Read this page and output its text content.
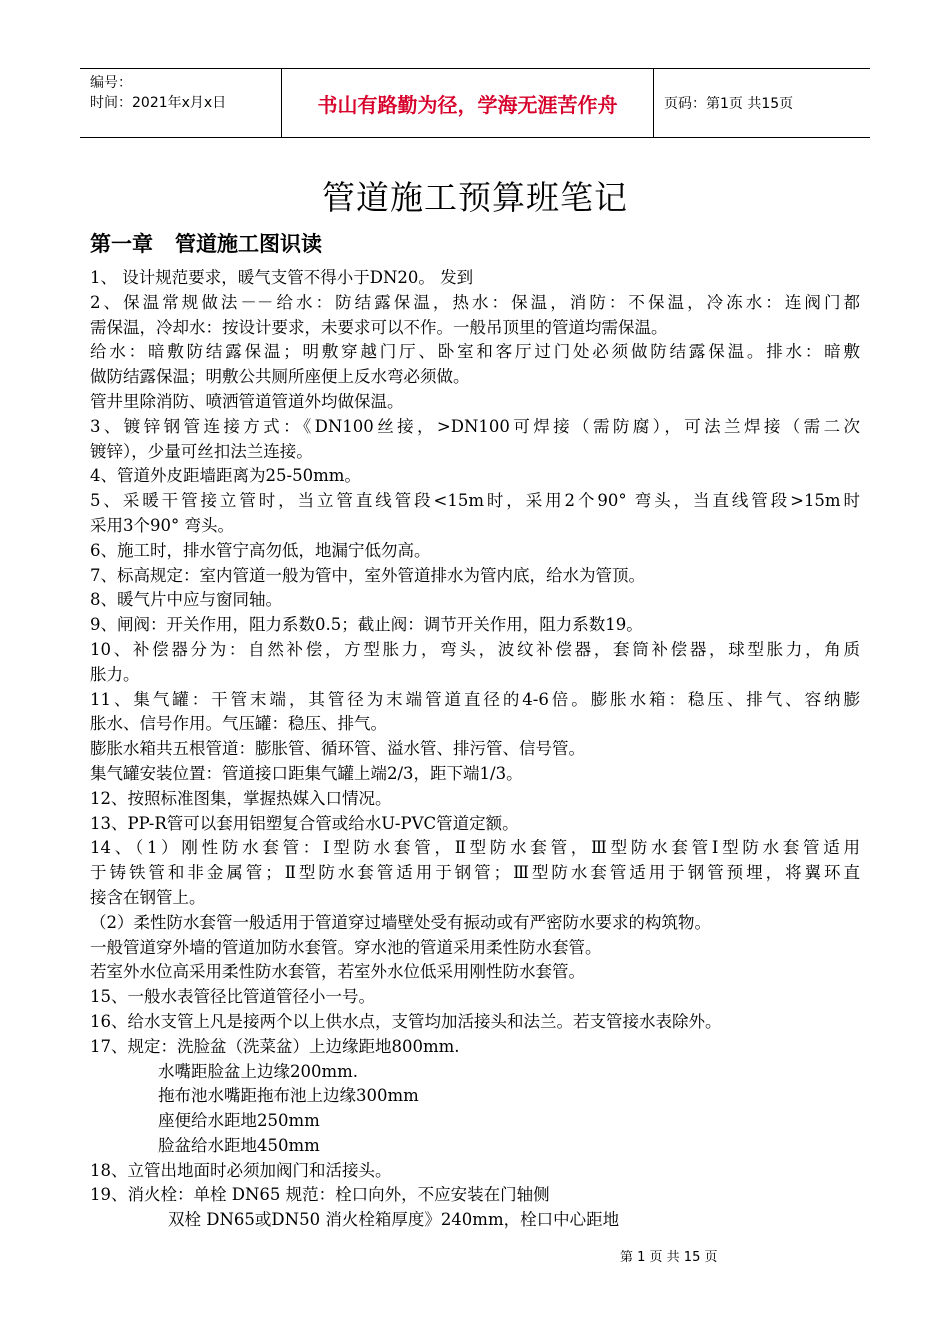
编号：
时间：2021年x月x日	书山有路勤为径，学海无涯苦作舟	页码：第1页 共15页
管道施工预算班笔记
第一章 管道施工图识读
1、 设计规范要求，暖气支管不得小于DN20。 发到
2、保温常规做法－－给水：防结露保温，热水：保温，消防：不保温，冷冻水：连阀门都
需保温，冷却水：按设计要求，未要求可以不作。一般吊顶里的管道均需保温。
给水：暗敷防结露保温；明敷穿越门厅、卧室和客厅过门处必须做防结露保温。排水：暗敷
做防结露保温；明敷公共厕所座便上反水弯必须做。
管井里除消防、喷洒管道管道外均做保温。
3、镀锌钢管连接方式：《DN100丝接，>DN100可焊接（需防腐），可法兰焊接（需二次
镀锌），少量可丝扣法兰连接。
4、管道外皮距墙距离为25-50mm。
5、采暖干管接立管时，当立管直线管段<15m时，采用2个90° 弯头，当直线管段>15m时
采用3个90° 弯头。
6、施工时，排水管宁高勿低，地漏宁低勿高。
7、标高规定：室内管道一般为管中，室外管道排水为管内底，给水为管顶。
8、暖气片中应与窗同轴。
9、闸阀：开关作用，阻力系数0.5；截止阀：调节开关作用，阻力系数19。
10、补偿器分为：自然补偿，方型胀力，弯头，波纹补偿器，套筒补偿器，球型胀力，角质
胀力。
11、集气罐：干管末端，其管径为末端管道直径的4-6倍。膨胀水箱：稳压、排气、容纳膨
胀水、信号作用。气压罐：稳压、排气。
膨胀水箱共五根管道：膨胀管、循环管、溢水管、排污管、信号管。
集气罐安装位置：管道接口距集气罐上端2/3，距下端1/3。
12、按照标准图集，掌握热媒入口情况。
13、PP-R管可以套用铝塑复合管或给水U-PVC管道定额。
14、（1）刚性防水套管：Ⅰ型防水套管，Ⅱ型防水套管，Ⅲ型防水套管Ⅰ型防水套管适用
于铸铁管和非金属管；Ⅱ型防水套管适用于钢管；Ⅲ型防水套管适用于钢管预埋，将翼环直
接含在钢管上。
（2）柔性防水套管一般适用于管道穿过墙壁处受有振动或有严密防水要求的构筑物。
一般管道穿外墙的管道加防水套管。穿水池的管道采用柔性防水套管。
若室外水位高采用柔性防水套管，若室外水位低采用刚性防水套管。
15、一般水表管径比管道管径小一号。
16、给水支管上凡是接两个以上供水点，支管均加活接头和法兰。若支管接水表除外。
17、规定：洗脸盆（洗菜盆）上边缘距地800mm.
水嘴距脸盆上边缘200mm.
拖布池水嘴距拖布池上边缘300mm
座便给水距地250mm
脸盆给水距地450mm
18、立管出地面时必须加阀门和活接头。
19、消火栓：单栓 DN65 规范：栓口向外，不应安装在门轴侧
双栓 DN65或DN50 消火栓箱厚度》240mm，栓口中心距地
第 1 页 共 15 页
